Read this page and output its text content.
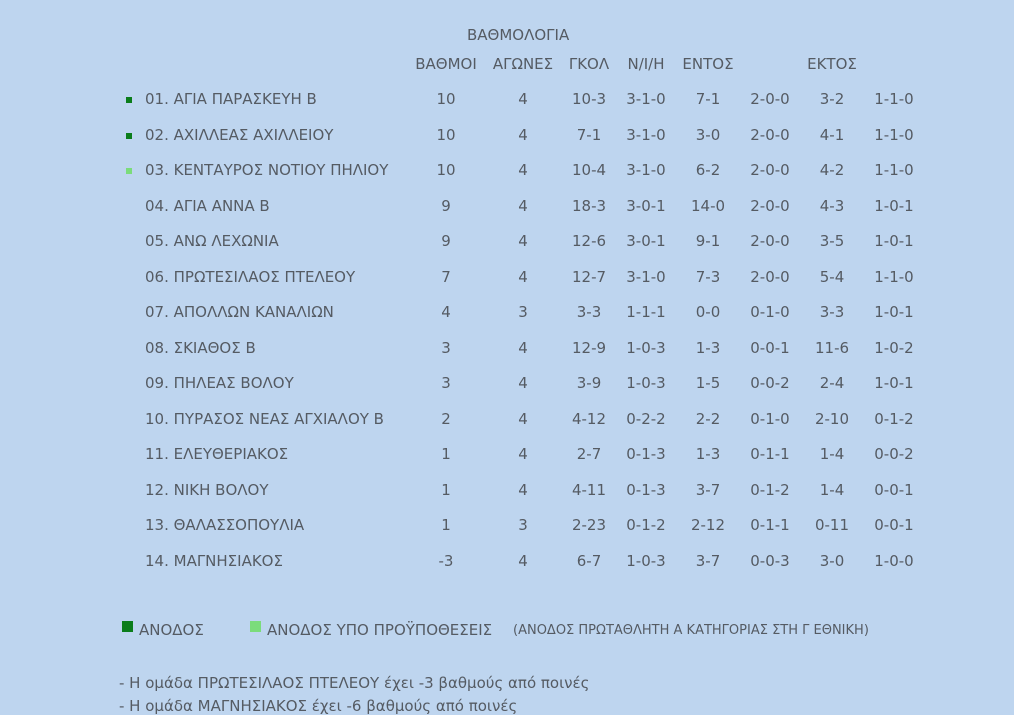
ΒΑΘΜΟΛΟΓΙΑ
ΒΑΘΜΟΙ ΑΓΩΝΕΣ ΓΚΟΛ Ν/Ι/Η ΕΝΤΟΣ	ΕΚΤΟΣ
01. ΑΓΙΑ ΠΑΡΑΣΚΕΥΗ Β	10	4	10-3 3-1-0 7-1 2-0-0 3-2 1-1-0
02. ΑΧΙΛΛΕΑΣ ΑΧΙΛΛΕΙΟΥ	10	4	7-1 3-1-0 3-0 2-0-0 4-1 1-1-0
03. ΚΕΝΤΑΥΡΟΣ ΝΟΤΙΟΥ ΠΗΛΙΟΥ	10	4	10-4 3-1-0 6-2 2-0-0 4-2 1-1-0
04. ΑΓΙΑ ΑΝΝΑ Β	9	4	18-3 3-0-1 14-0 2-0-0 4-3 1-0-1
05. ΑΝΩ ΛΕΧΩΝΙΑ	9	4	12-6 3-0-1 9-1 2-0-0 3-5 1-0-1
06. ΠΡΩΤΕΣΙΛΑΟΣ ΠΤΕΛΕΟΥ	7	4	12-7 3-1-0 7-3 2-0-0 5-4 1-1-0
07. ΑΠΟΛΛΩΝ ΚΑΝΑΛΙΩΝ	4	3	3-3 1-1-1 0-0 0-1-0 3-3 1-0-1
08. ΣΚΙΑΘΟΣ Β	3	4	12-9 1-0-3 1-3 0-0-1 11-6 1-0-2
09. ΠΗΛΕΑΣ ΒΟΛΟΥ	3	4	3-9 1-0-3 1-5 0-0-2 2-4 1-0-1
10. ΠΥΡΑΣΟΣ ΝΕΑΣ ΑΓΧΙΑΛΟΥ Β	2	4	4-12 0-2-2 2-2 0-1-0 2-10 0-1-2
11. ΕΛΕΥΘΕΡΙΑΚΟΣ	1	4	2-7 0-1-3 1-3 0-1-1 1-4 0-0-2
12. ΝΙΚΗ ΒΟΛΟΥ	1	4	4-11 0-1-3 3-7 0-1-2 1-4 0-0-1
13. ΘΑΛΑΣΣΟΠΟΥΛΙΑ	1	3	2-23 0-1-2 2-12 0-1-1 0-11 0-0-1
14. ΜΑΓΝΗΣΙΑΚΟΣ	-3	4	6-7 1-0-3 3-7 0-0-3 3-0 1-0-0
ΑΝΟΔΟΣ	ΑΝΟΔΟΣ ΥΠΟ ΠΡΟΫΠΟΘΕΣΕΙΣ (ΑΝΟΔΟΣ ΠΡΩΤΑΘΛΗΤΗ Α ΚΑΤΗΓΟΡΙΑΣ ΣΤΗ Γ ΕΘΝΙΚΗ)
- Η ομάδα ΠΡΩΤΕΣΙΛΑΟΣ ΠΤΕΛΕΟΥ έχει -3 βαθμούς από ποινές
- Η ομάδα ΜΑΓΝΗΣΙΑΚΟΣ έχει -6 βαθμούς από ποινές
